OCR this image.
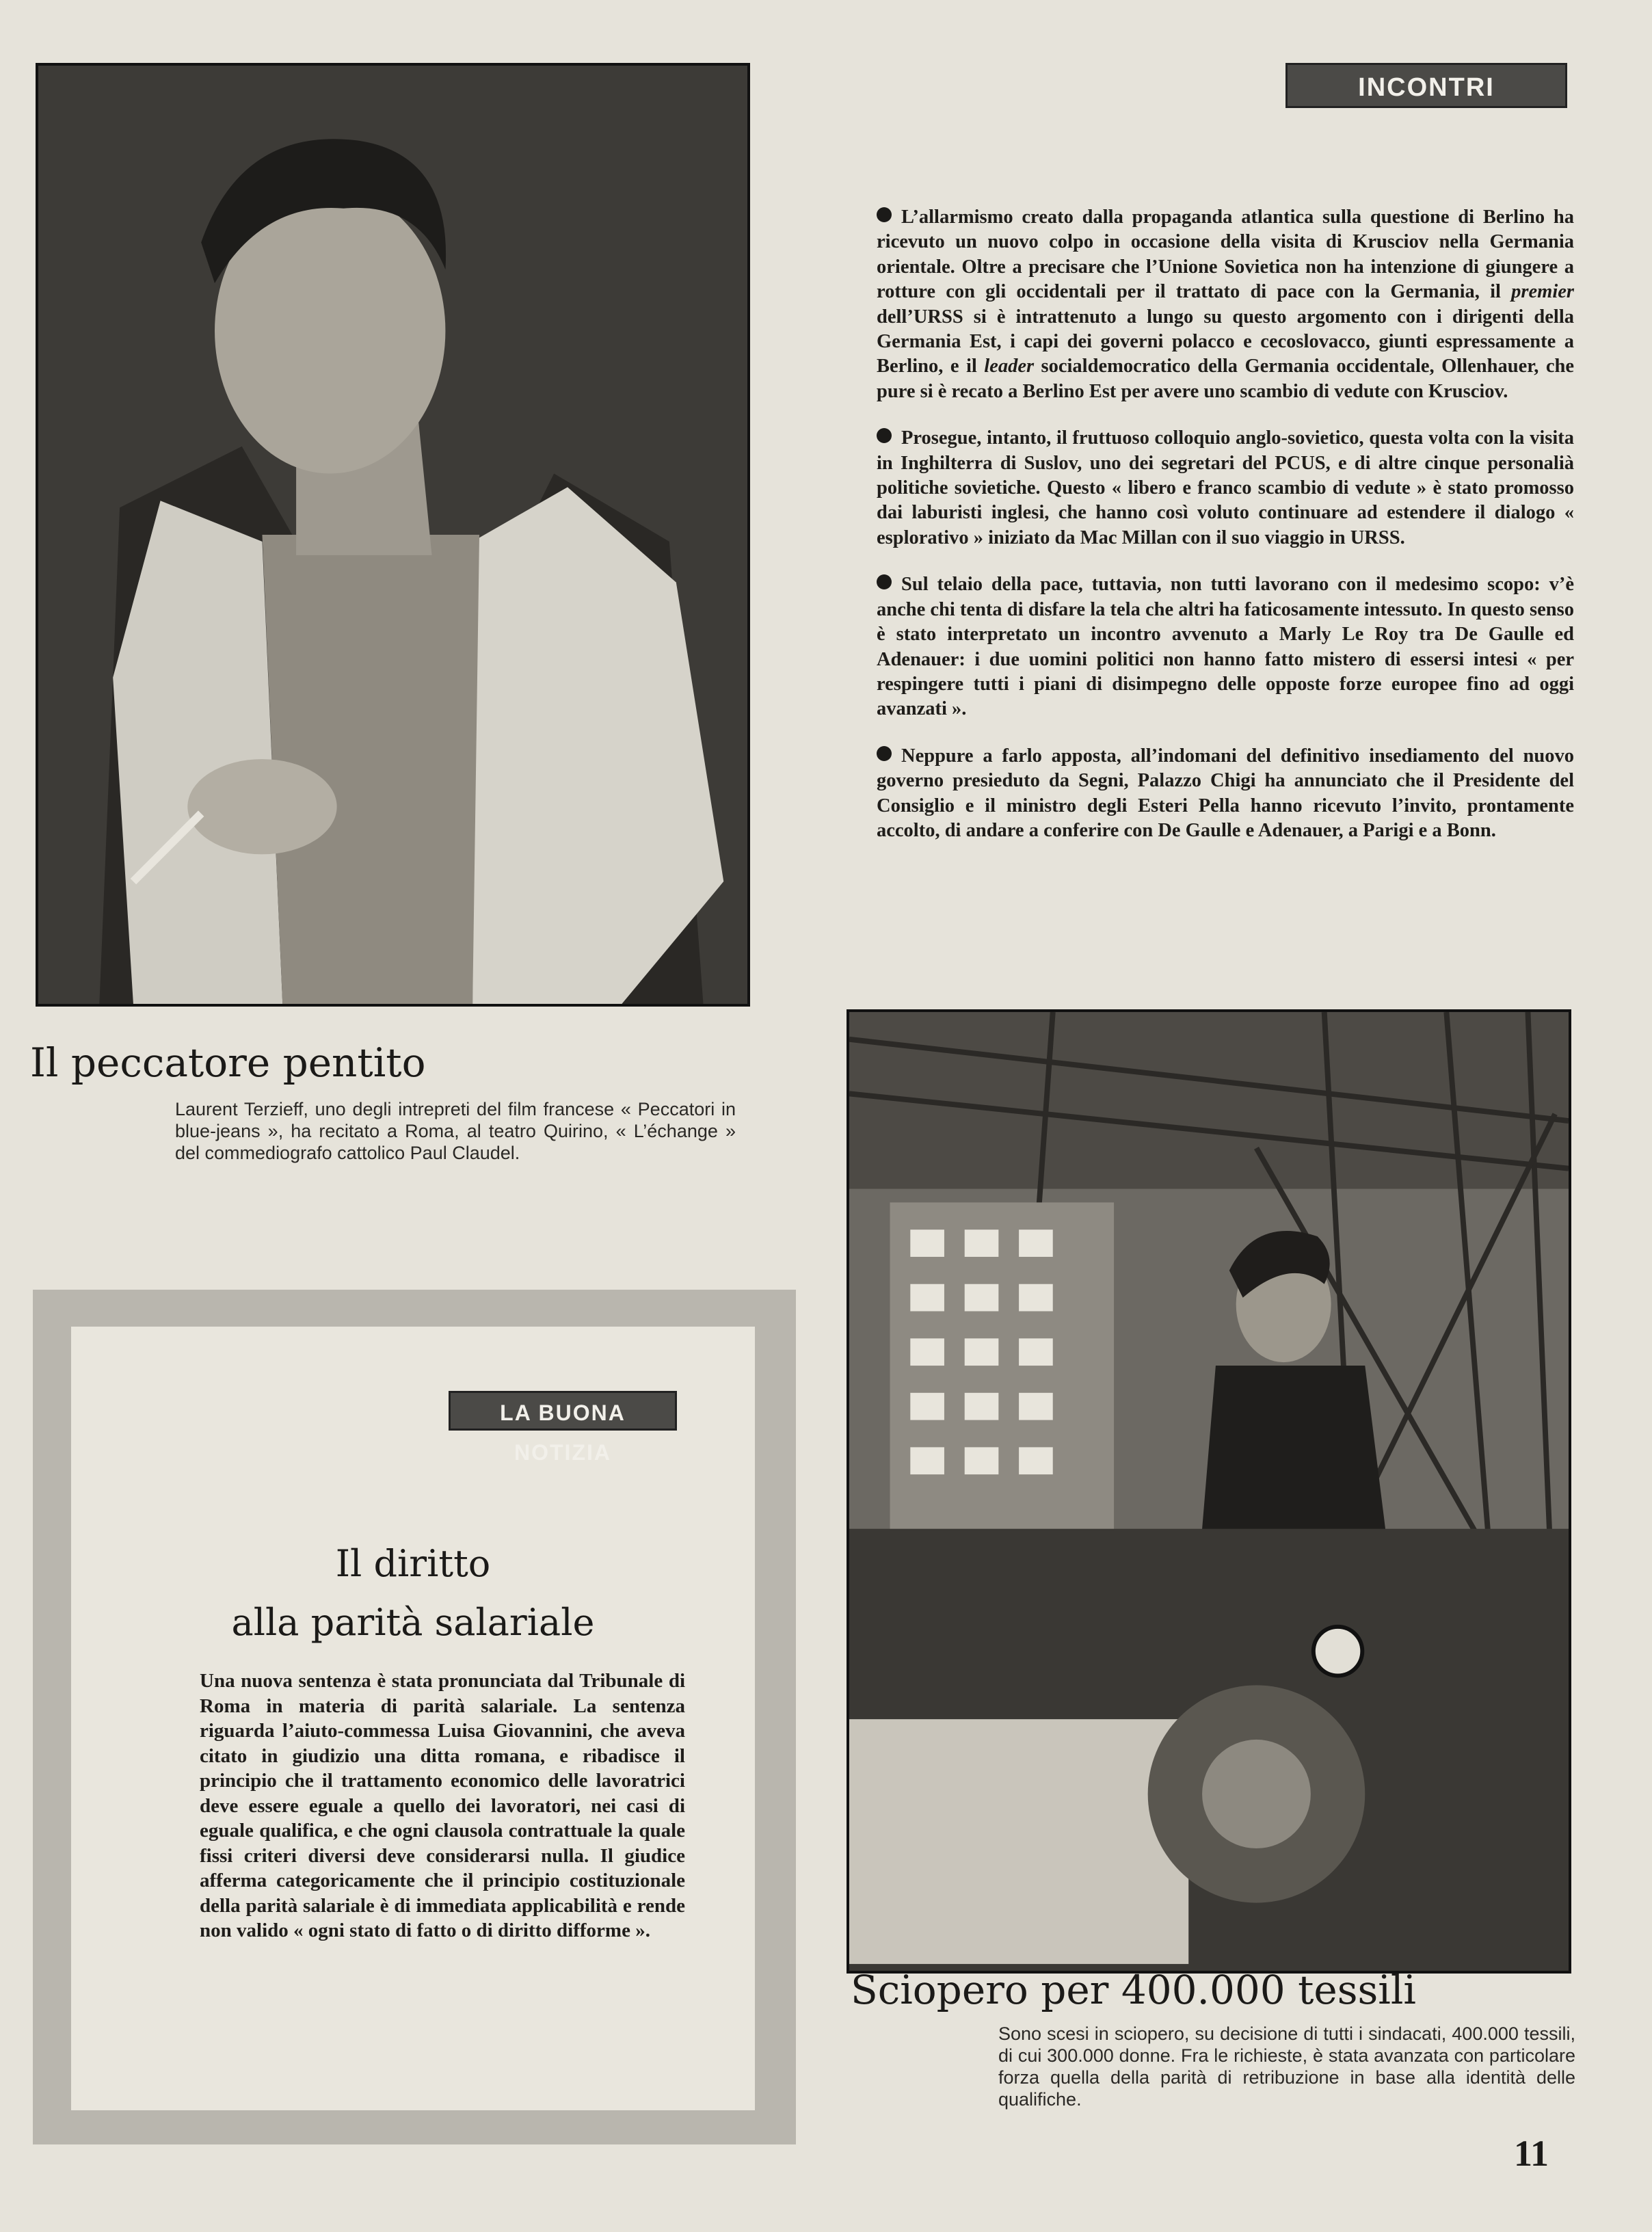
INCONTRI

L’allarmismo creato dalla propaganda atlantica sulla questione di Berlino ha ricevuto un nuovo colpo in occasione della visita di Krusciov nella Germania orientale. Oltre a precisare che l’Unione Sovietica non ha intenzione di giungere a rotture con gli occidentali per il trattato di pace con la Germania, il premier dell’URSS si è intrattenuto a lungo su questo argomento con i dirigenti della Germania Est, i capi dei governi polacco e cecoslovacco, giunti espressamente a Berlino, e il leader socialdemocratico della Germania occidentale, Ollenhauer, che pure si è recato a Berlino Est per avere uno scambio di vedute con Krusciov.

Prosegue, intanto, il fruttuoso colloquio anglo-sovietico, questa volta con la visita in Inghilterra di Suslov, uno dei segretari del PCUS, e di altre cinque personalià politiche sovietiche. Questo « libero e franco scambio di vedute » è stato promosso dai laburisti inglesi, che hanno così voluto continuare ad estendere il dialogo « esplorativo » iniziato da Mac Millan con il suo viaggio in URSS.

Sul telaio della pace, tuttavia, non tutti lavorano con il medesimo scopo: v’è anche chi tenta di disfare la tela che altri ha faticosamente intessuto. In questo senso è stato interpretato un incontro avvenuto a Marly Le Roy tra De Gaulle ed Adenauer: i due uomini politici non hanno fatto mistero di essersi intesi « per respingere tutti i piani di disimpegno delle opposte forze europee fino ad oggi avanzati ».

Neppure a farlo apposta, all’indomani del definitivo insediamento del nuovo governo presieduto da Segni, Palazzo Chigi ha annunciato che il Presidente del Consiglio e il ministro degli Esteri Pella hanno ricevuto l’invito, prontamente accolto, di andare a conferire con De Gaulle e Adenauer, a Parigi e a Bonn.

Il peccatore pentito
Laurent Terzieff, uno degli intrepreti del film francese « Peccatori in blue-jeans », ha recitato a Roma, al teatro Quirino, « L’échange » del commediografo cattolico Paul Claudel.
Il diritto
alla parità salariale
Una nuova sentenza è stata pronunciata dal Tribunale di Roma in materia di parità salariale. La sentenza riguarda l’aiuto-commessa Luisa Giovannini, che aveva citato in giudizio una ditta romana, e ribadisce il principio che il trattamento economico delle lavoratrici deve essere eguale a quello dei lavoratori, nei casi di eguale qualifica, e che ogni clausola contrattuale la quale fissi criteri diversi deve considerarsi nulla. Il giudice afferma categoricamente che il principio costituzionale della parità salariale è di immediata applicabilità e rende non valido « ogni stato di fatto o di diritto difforme ».
LA BUONA NOTIZIA
Sciopero per 400.000 tessili
Sono scesi in sciopero, su decisione di tutti i sindacati, 400.000 tessili, di cui 300.000 donne. Fra le richieste, è stata avanzata con particolare forza quella della parità di retribuzione in base alla identità delle qualifiche.
11
